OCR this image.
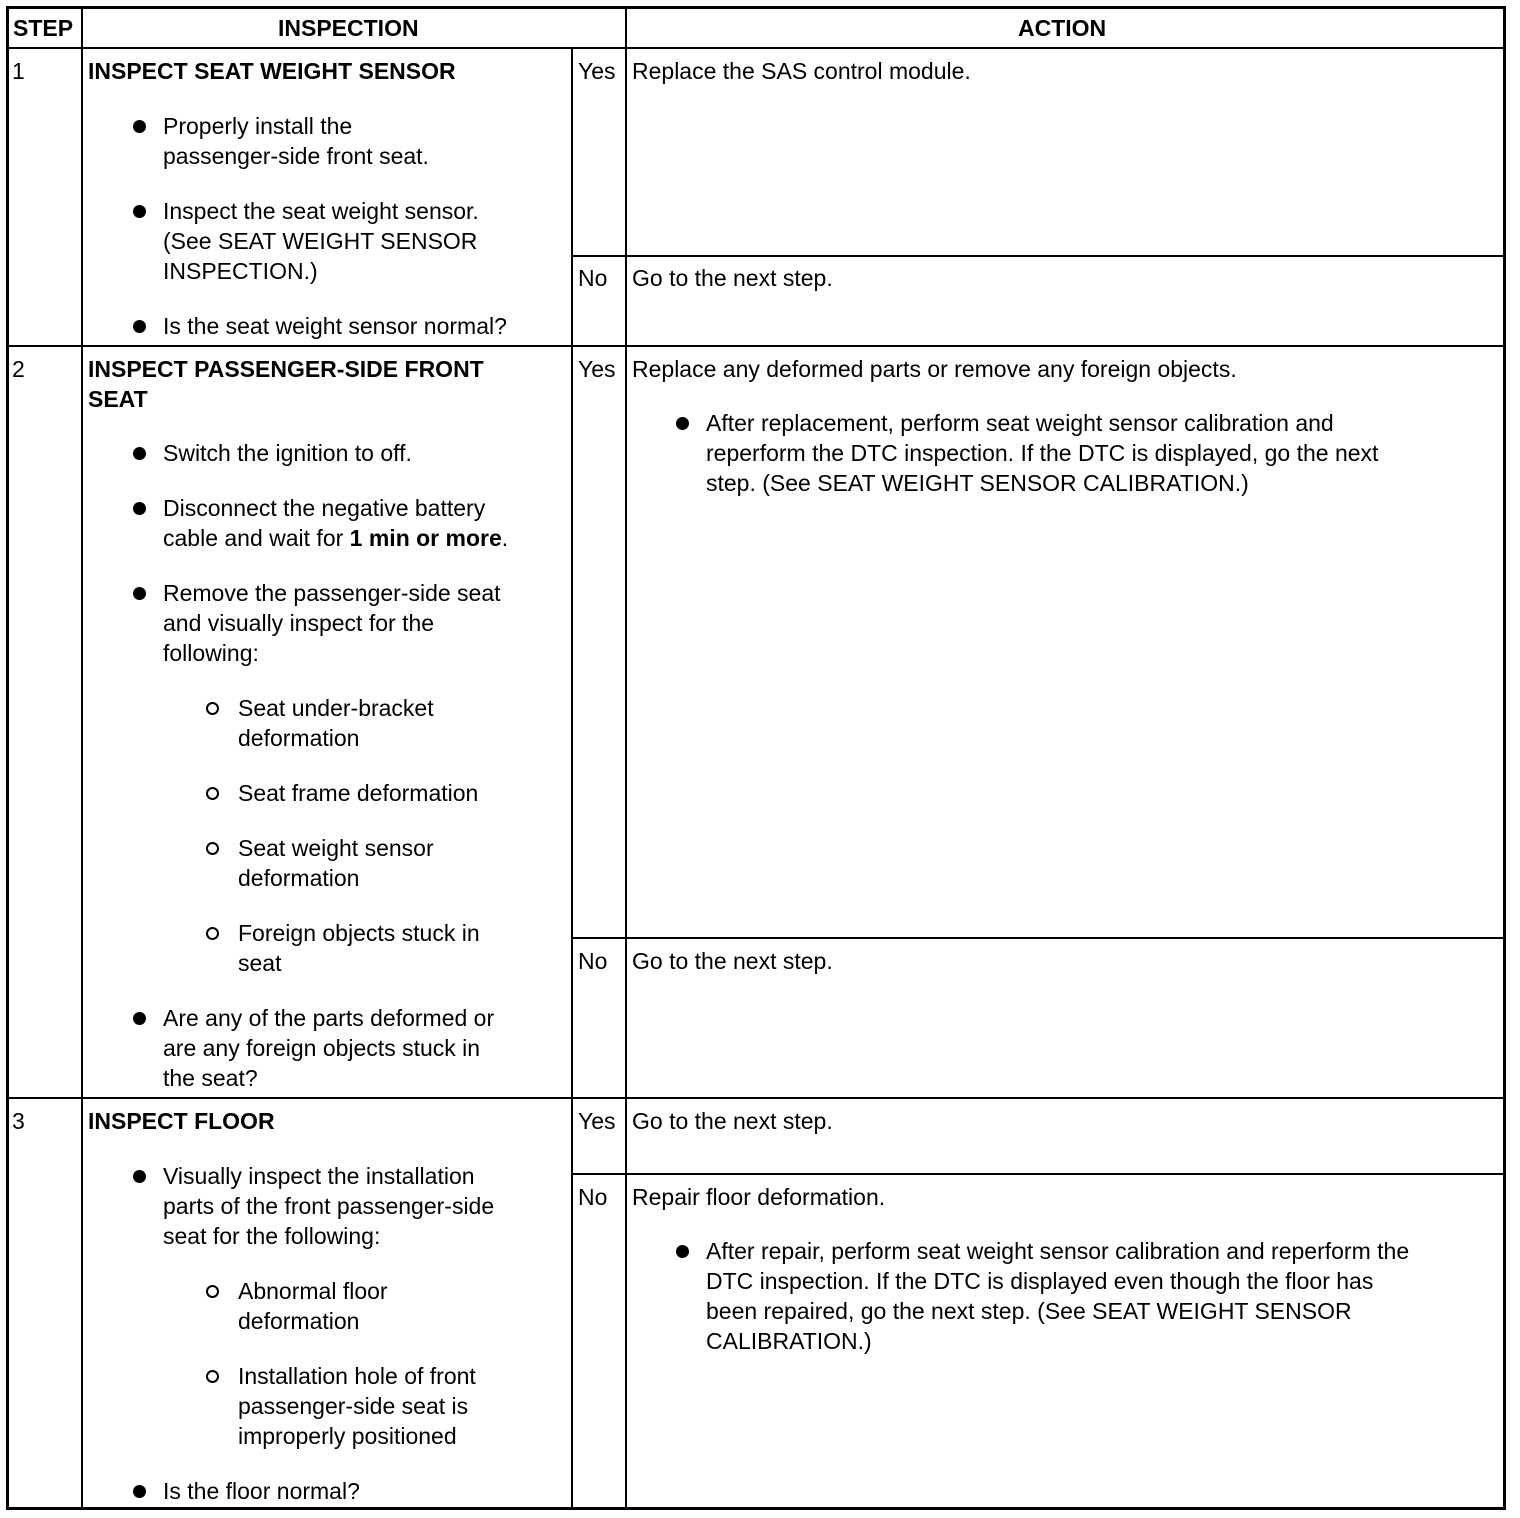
STEP	INSPECTION	ACTION
1	INSPECT SEAT WEIGHT SENSOR
Properly install the
passenger-side front seat.
Inspect the seat weight sensor.
(See SEAT WEIGHT SENSOR
INSPECTION.)
Is the seat weight sensor normal?
Yes Replace the SAS control module.
No Go to the next step.
2	INSPECT PASSENGER-SIDE FRONT
SEAT
Switch the ignition to off.
Disconnect the negative battery
cable and wait for 1 min or more.
Remove the passenger-side seat
and visually inspect for the
following:
Seat under-bracket
deformation
Seat frame deformation
Seat weight sensor
deformation
Foreign objects stuck in
seat
Are any of the parts deformed or
are any foreign objects stuck in
the seat?
Yes Replace any deformed parts or remove any foreign objects.
After replacement, perform seat weight sensor calibration and
reperform the DTC inspection. If the DTC is displayed, go the next
step. (See SEAT WEIGHT SENSOR CALIBRATION.)
No Go to the next step.
3	INSPECT FLOOR
Visually inspect the installation
parts of the front passenger-side
seat for the following:
Abnormal floor
deformation
Installation hole of front
passenger-side seat is
improperly positioned
Is the floor normal?
Yes Go to the next step.
No Repair floor deformation.
After repair, perform seat weight sensor calibration and reperform the
DTC inspection. If the DTC is displayed even though the floor has
been repaired, go the next step. (See SEAT WEIGHT SENSOR
CALIBRATION.)
